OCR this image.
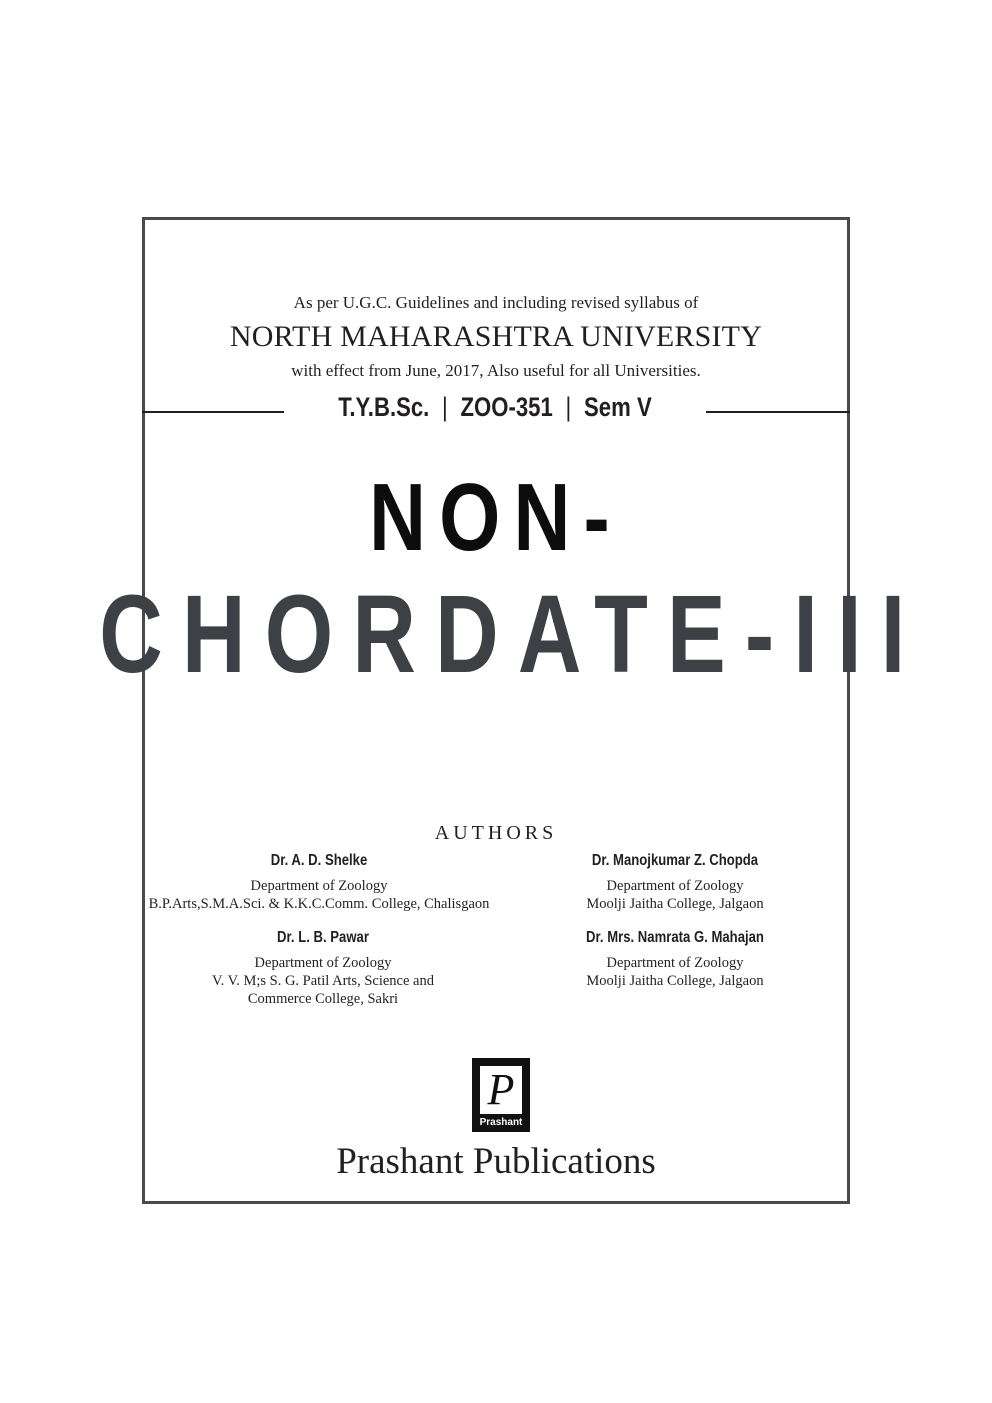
As per U.G.C. Guidelines and including revised syllabus of
NORTH MAHARASHTRA UNIVERSITY
with effect from June, 2017, Also useful for all Universities.
T.Y.B.Sc. | ZOO-351 | Sem V
NON-
CHORDATE-III
AUTHORS
Dr. A. D. Shelke
Department of Zoology
B.P.Arts,S.M.A.Sci. & K.K.C.Comm. College, Chalisgaon
Dr. Manojkumar Z. Chopda
Department of Zoology
Moolji Jaitha College, Jalgaon
Dr. L. B. Pawar
Department of Zoology
V. V. M;s S. G. Patil Arts, Science and
Commerce College, Sakri
Dr. Mrs. Namrata G. Mahajan
Department of Zoology
Moolji Jaitha College, Jalgaon
P
Prashant
Prashant Publications
